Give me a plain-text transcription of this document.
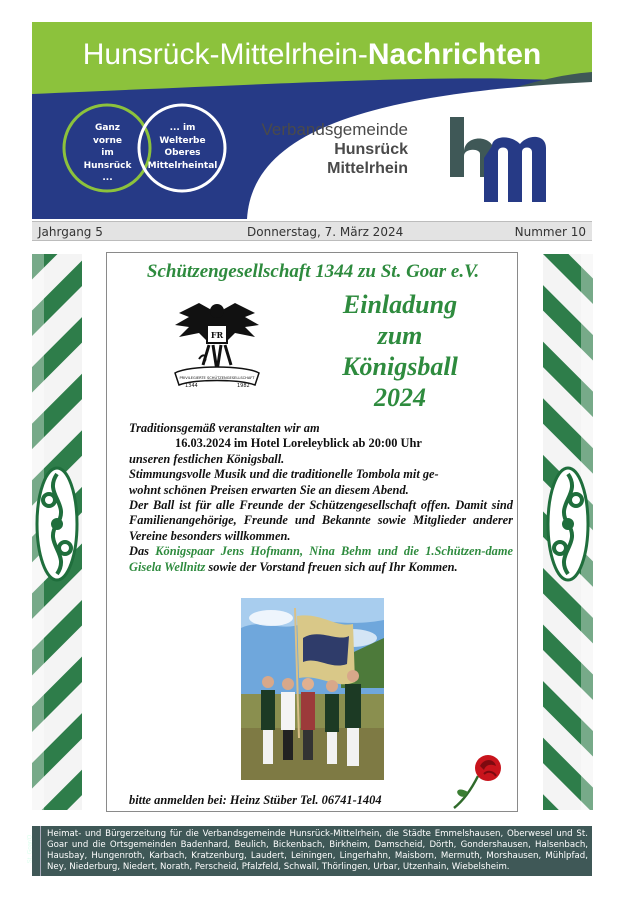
Hunsrück-Mittelrhein-Nachrichten
Ganz
vorne
im
Hunsrück ...
... im
Welterbe
Oberes
Mittelrheintal
Verbandsgemeinde
Hunsrück
Mittelrhein
Jahrgang 5	Donnerstag, 7. März 2024	Nummer 10
Schützengesellschaft 1344 zu St. Goar e.V.
FR
PRIVILEGIERTE SCHÜTZENGESELLSCHAFT
1344	1982
Einladung
zum
Königsball
2024

Traditionsgemäß veranstalten wir am

16.03.2024 im Hotel Loreleyblick ab 20:00 Uhr

unseren festlichen Königsball.

Stimmungsvolle Musik und die traditionelle Tombola mit ge-

wohnt schönen Preisen erwarten Sie an diesem Abend.

Der Ball ist für alle Freunde der Schützengesellschaft offen. Damit sind Familienangehörige, Freunde und Bekannte sowie Mitglieder anderer Vereine besonders willkommen.

Das Königspaar Jens Hofmann, Nina Behm und die 1.Schützen-dame Gisela Wellnitz sowie der Vorstand freuen sich auf Ihr Kommen.

bitte anmelden bei: Heinz Stüber Tel. 06741-1404
St. Goar/O
Heimat- und Bürgerzeitung für die Verbandsgemeinde Hunsrück-Mittelrhein, die Städte Emmelshausen, Oberwesel und St. Goar und die Ortsgemeinden Badenhard, Beulich, Bickenbach, Birkheim, Damscheid, Dörth, Gondershausen, Halsenbach, Hausbay, Hungenroth, Karbach, Kratzenburg, Laudert, Leiningen, Lingerhahn, Maisborn, Mermuth, Morshausen, Mühlpfad, Ney, Niederburg, Niedert, Norath, Perscheid, Pfalzfeld, Schwall, Thörlingen, Urbar, Utzenhain, Wiebelsheim.
